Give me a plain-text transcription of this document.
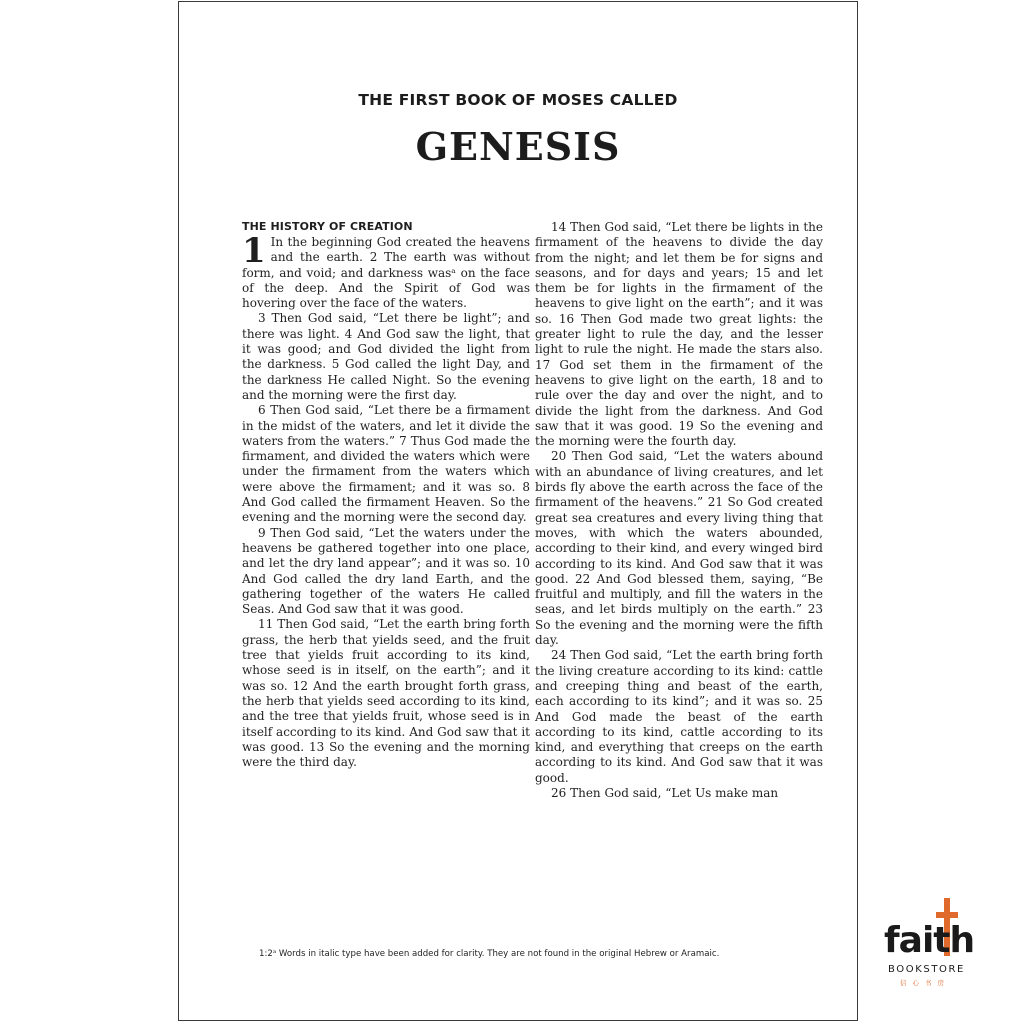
THE FIRST BOOK OF MOSES CALLED
GENESIS
THE HISTORY OF CREATION

1 In the beginning God created the heavens and the earth. 2 The earth was without form, and void; and darkness wasᵃ on the face of the deep. And the Spirit of God was hovering over the face of the waters.

3 Then God said, “Let there be light”; and there was light. 4 And God saw the light, that it was good; and God divided the light from the darkness. 5 God called the light Day, and the darkness He called Night. So the evening and the morning were the first day.

6 Then God said, “Let there be a firmament in the midst of the waters, and let it divide the waters from the waters.” 7 Thus God made the firmament, and divided the waters which were under the firmament from the waters which were above the firmament; and it was so. 8 And God called the firmament Heaven. So the evening and the morning were the second day.

9 Then God said, “Let the waters under the heavens be gathered together into one place, and let the dry land appear”; and it was so. 10 And God called the dry land Earth, and the gathering together of the waters He called Seas. And God saw that it was good.

11 Then God said, “Let the earth bring forth grass, the herb that yields seed, and the fruit tree that yields fruit according to its kind, whose seed is in itself, on the earth”; and it was so. 12 And the earth brought forth grass, the herb that yields seed according to its kind, and the tree that yields fruit, whose seed is in itself according to its kind. And God saw that it was good. 13 So the evening and the morning were the third day.

14 Then God said, “Let there be lights in the firmament of the heavens to divide the day from the night; and let them be for signs and seasons, and for days and years; 15 and let them be for lights in the firmament of the heavens to give light on the earth”; and it was so. 16 Then God made two great lights: the greater light to rule the day, and the lesser light to rule the night. He made the stars also. 17 God set them in the firmament of the heavens to give light on the earth, 18 and to rule over the day and over the night, and to divide the light from the darkness. And God saw that it was good. 19 So the evening and the morning were the fourth day.

20 Then God said, “Let the waters abound with an abundance of living creatures, and let birds fly above the earth across the face of the firmament of the heavens.” 21 So God created great sea creatures and every living thing that moves, with which the waters abounded, according to their kind, and every winged bird according to its kind. And God saw that it was good. 22 And God blessed them, saying, “Be fruitful and multiply, and fill the waters in the seas, and let birds multiply on the earth.” 23 So the evening and the morning were the fifth day.

24 Then God said, “Let the earth bring forth the living creature according to its kind: cattle and creeping thing and beast of the earth, each according to its kind”; and it was so. 25 And God made the beast of the earth according to its kind, cattle according to its kind, and everything that creeps on the earth according to its kind. And God saw that it was good.

26 Then God said, “Let Us make man

1:2ᵃ Words in italic type have been added for clarity. They are not found in the original Hebrew or Aramaic.	faith
BOOKSTORE
信心书房
